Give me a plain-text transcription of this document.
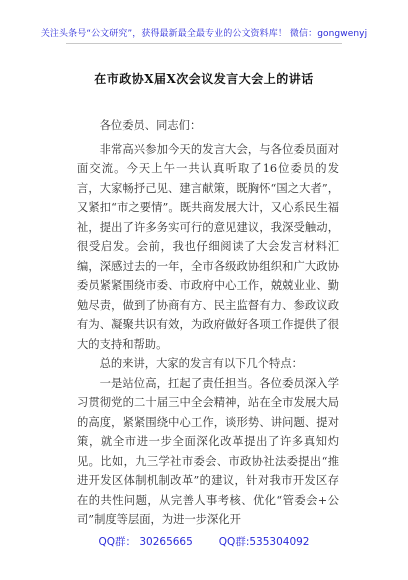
关注头条号“公文研究”，获得最新最全最专业的公文资料库！ 微信：gongwenyj
在市政协X届X次会议发言大会上的讲话

各位委员、同志们：

非常高兴参加今天的发言大会，与各位委员面对面交流。今天上午一共认真听取了16位委员的发言，大家畅抒己见、建言献策，既胸怀“国之大者”，又紧扣“市之要情”。既共商发展大计，又心系民生福祉，提出了许多务实可行的意见建议，我深受触动，很受启发。会前，我也仔细阅读了大会发言材料汇编，深感过去的一年，全市各级政协组织和广大政协委员紧紧围绕市委、市政府中心工作，兢兢业业、勤勉尽责，做到了协商有方、民主监督有力、参政议政有为、凝聚共识有效，为政府做好各项工作提供了很大的支持和帮助。

总的来讲，大家的发言有以下几个特点：

一是站位高，扛起了责任担当。各位委员深入学习贯彻党的二十届三中全会精神，站在全市发展大局的高度，紧紧围绕中心工作，谈形势、讲问题、提对策，就全市进一步全面深化改革提出了许多真知灼见。比如，九三学社市委会、市政协社法委提出“推进开发区体制机制改革”的建议，针对我市开发区存在的共性问题，从完善人事考核、优化“管委会+公司”制度等层面，为进一步深化开

QQ群： 30265665 QQ群:535304092
